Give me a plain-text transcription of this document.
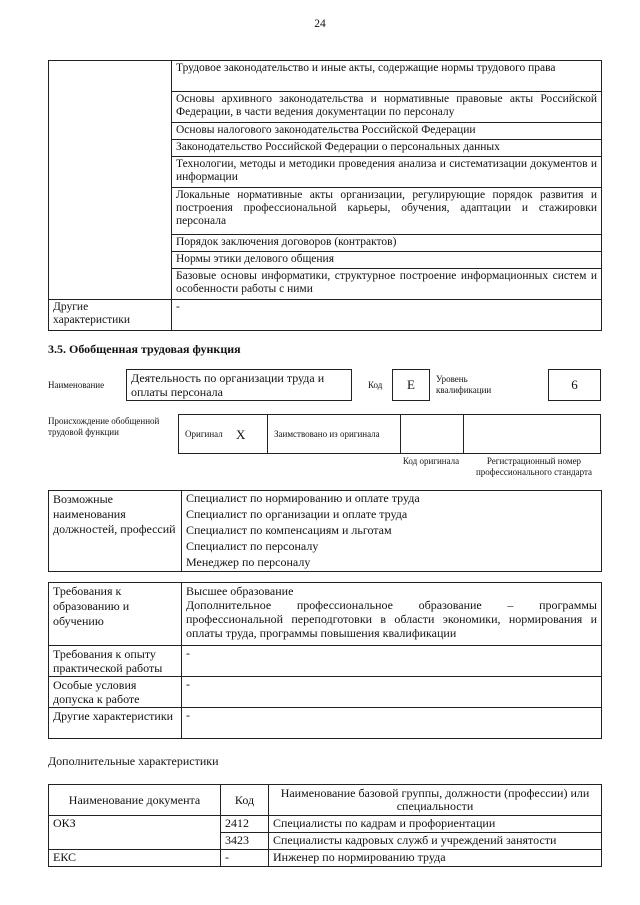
24
	Трудовое законодательство и иные акты, содержащие нормы трудового права
	Основы архивного законодательства и нормативные правовые акты Российской Федерации, в части ведения документации по персоналу
	Основы налогового законодательства Российской Федерации
	Законодательство Российской Федерации о персональных данных
	Технологии, методы и методики проведения анализа и систематизации документов и информации
	Локальные нормативные акты организации, регулирующие порядок развития и построения профессиональной карьеры, обучения, адаптации и стажировки персонала
	Порядок заключения договоров (контрактов)
	Нормы этики делового общения
	Базовые основы информатики, структурное построение информационных систем и особенности работы с ними
Другие характеристики	-
3.5. Обобщенная трудовая функция
Наименование	Деятельность по организации труда и оплаты персонала	Код	E	Уровень квалификации	6
Происхождение обобщенной трудовой функции	Оригинал X	Заимствовано из оригинала
Код оригинала	Регистрационный номер профессионального стандарта
Возможные наименования должностей, профессий	Специалист по нормированию и оплате труда
Специалист по организации и оплате труда
Специалист по компенсациям и льготам
Специалист по персоналу
Менеджер по персоналу
Требования к образованию и обучению	Высшее образование
Дополнительное профессиональное образование – программы профессиональной переподготовки в области экономики, нормирования и оплаты труда, программы повышения квалификации

Требования к опыту практической работы	-
Особые условия допуска к работе	-
Другие характеристики	-
Дополнительные характеристики
Наименование документа	Код	Наименование базовой группы, должности (профессии) или специальности
ОКЗ	2412	Специалисты по кадрам и профориентации
	3423	Специалисты кадровых служб и учреждений занятости
ЕКС	-	Инженер по нормированию труда
